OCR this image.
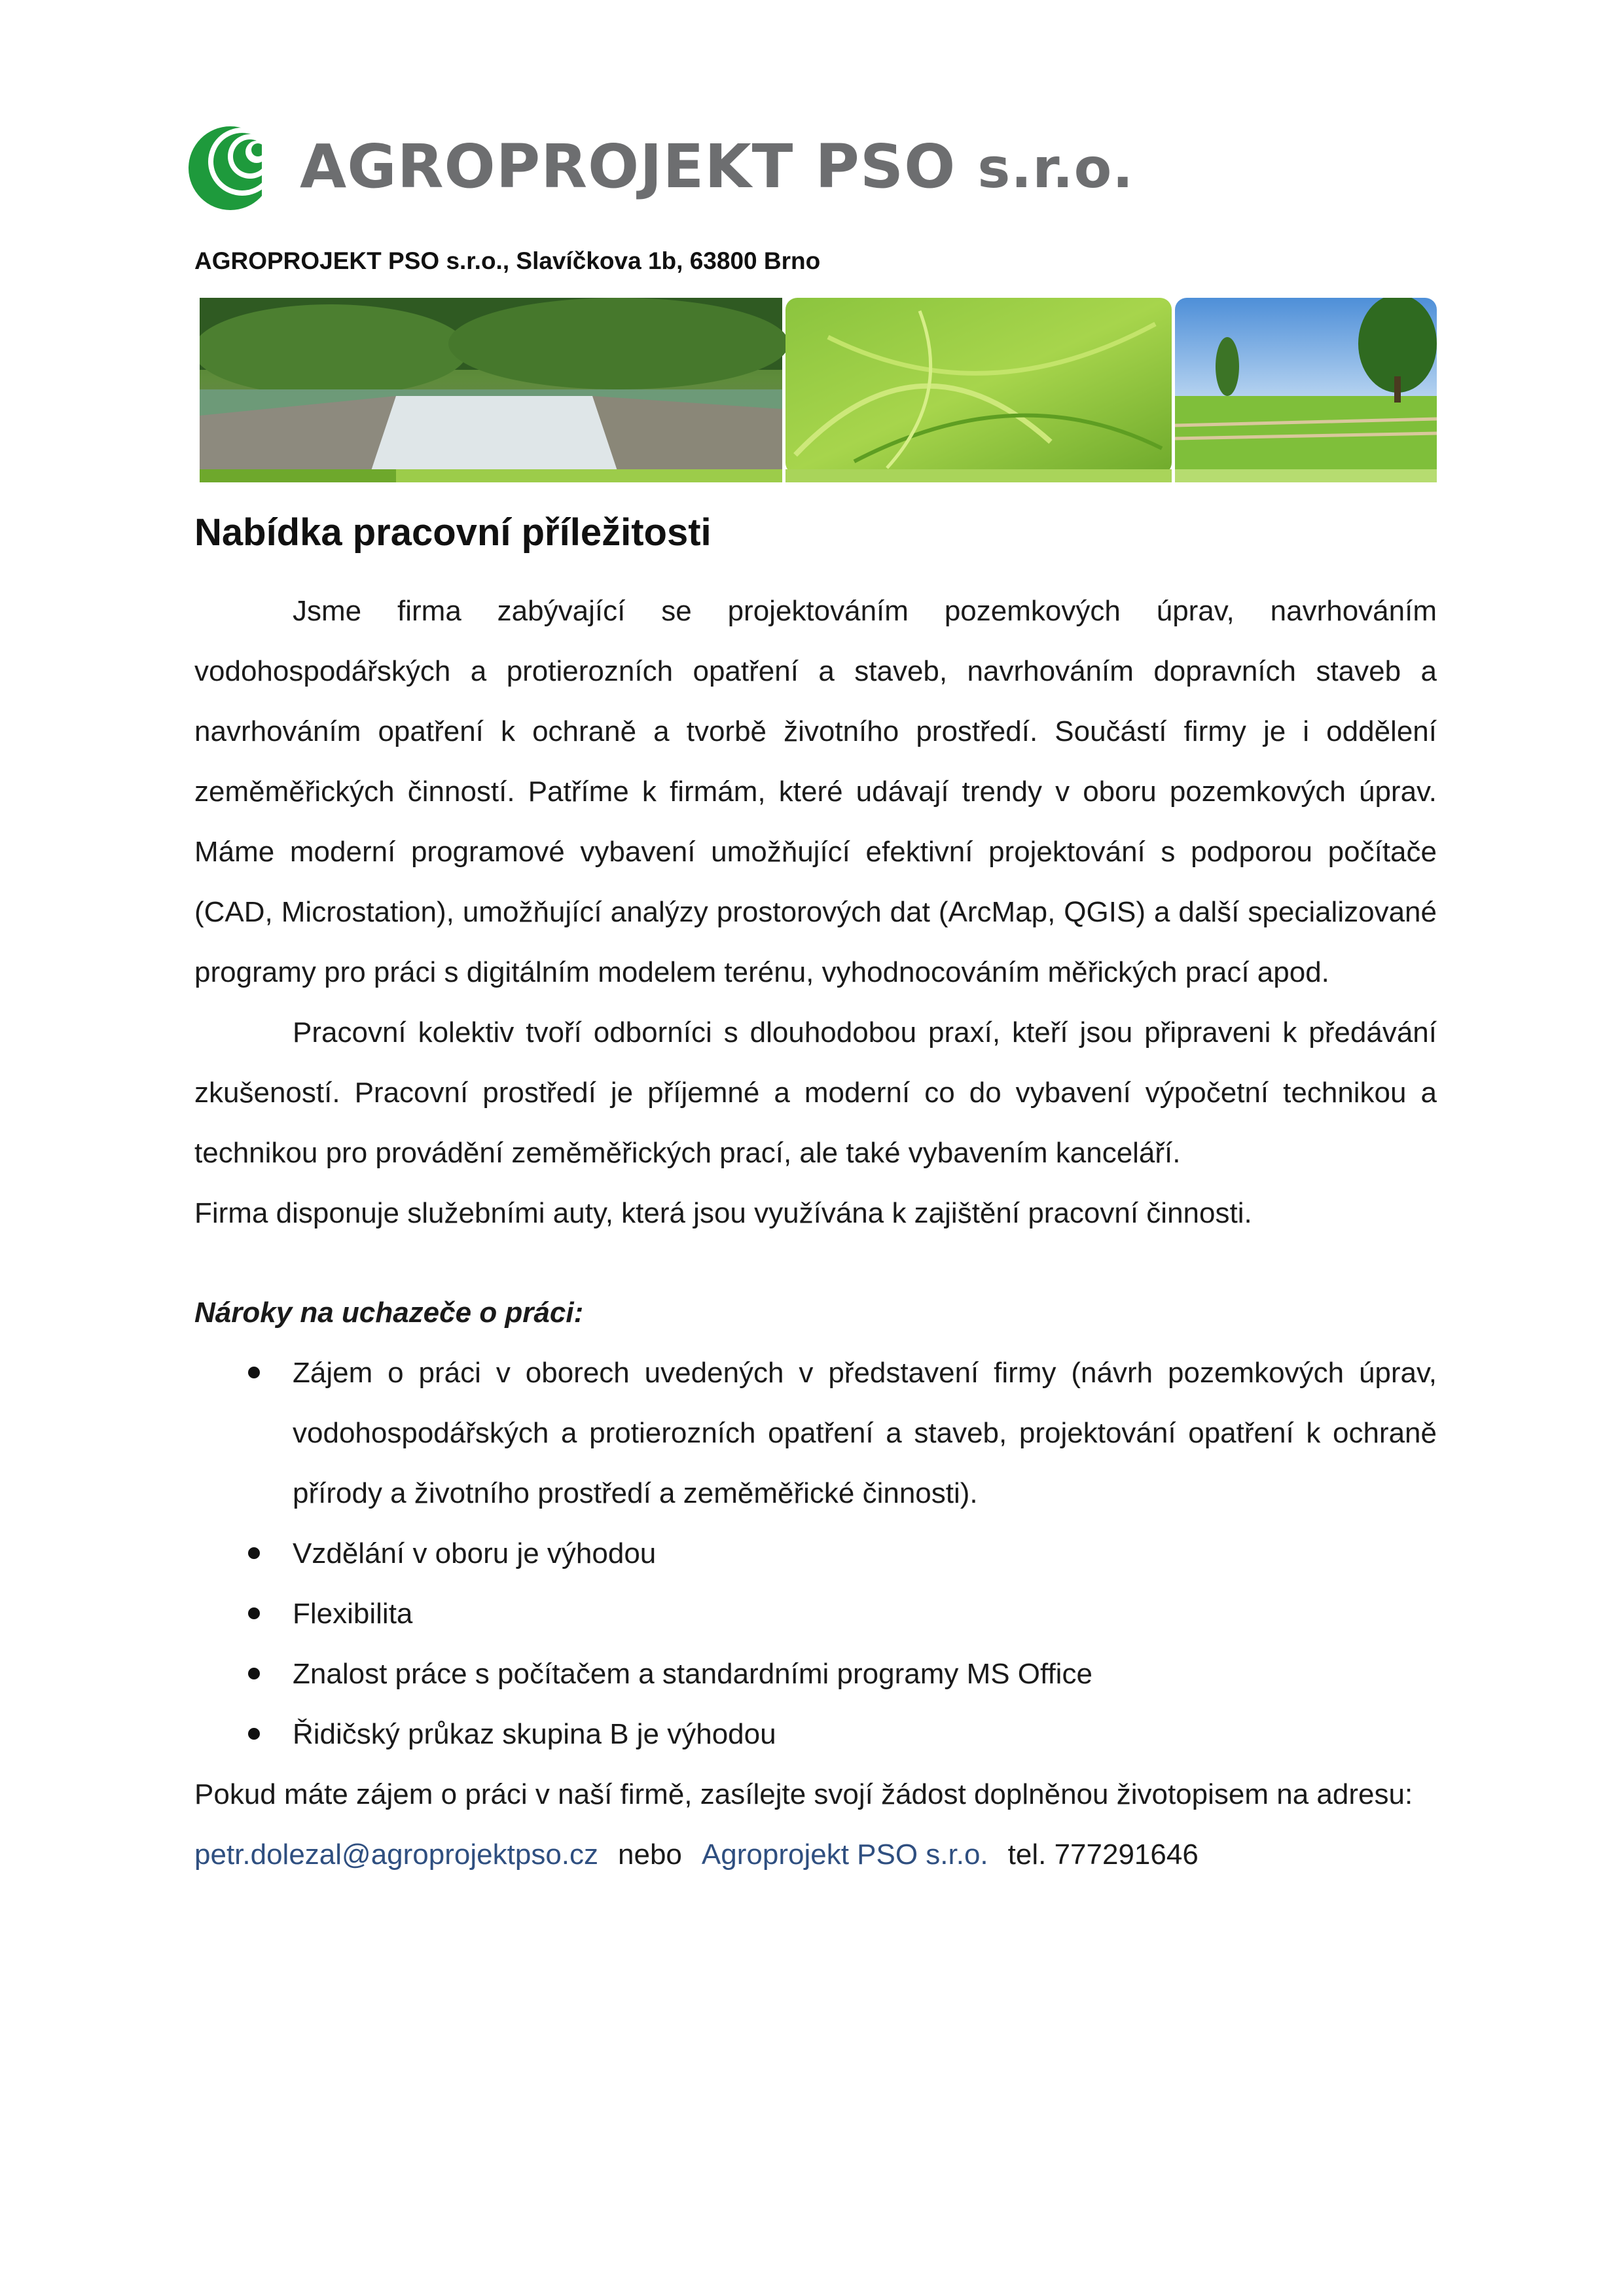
AGROPROJEKT PSO s.r.o.
AGROPROJEKT PSO s.r.o., Slavíčkova 1b, 63800 Brno
Nabídka pracovní příležitosti

Jsme firma zabývající se projektováním pozemkových úprav, navrhováním vodohospodářských a protierozních opatření a staveb, navrhováním dopravních staveb a navrhováním opatření k ochraně a tvorbě životního prostředí. Součástí firmy je i oddělení zeměměřických činností. Patříme k firmám, které udávají trendy v oboru pozemkových úprav. Máme moderní programové vybavení umožňující efektivní projektování s podporou počítače (CAD, Microstation), umožňující analýzy prostorových dat (ArcMap, QGIS) a další specializované programy pro práci s digitálním modelem terénu, vyhodnocováním měřických prací apod.

Pracovní kolektiv tvoří odborníci s dlouhodobou praxí, kteří jsou připraveni k předávání zkušeností. Pracovní prostředí je příjemné a moderní co do vybavení výpočetní technikou a technikou pro provádění zeměměřických prací, ale také vybavením kanceláří.

Firma disponuje služebními auty, která jsou využívána k zajištění pracovní činnosti.

Nároky na uchazeče o práci:

Zájem o práci v oborech uvedených v představení firmy (návrh pozemkových úprav, vodohospodářských a protierozních opatření a staveb, projektování opatření k ochraně přírody a životního prostředí a zeměměřické činnosti).
Vzdělání v oboru je výhodou
Flexibilita
Znalost práce s počítačem a standardními programy MS Office
Řidičský průkaz skupina B je výhodou

Pokud máte zájem o práci v naší firmě, zasílejte svojí žádost doplněnou životopisem na adresu:

petr.dolezal@agroprojektpso.cz nebo Agroprojekt PSO s.r.o. tel. 777291646
